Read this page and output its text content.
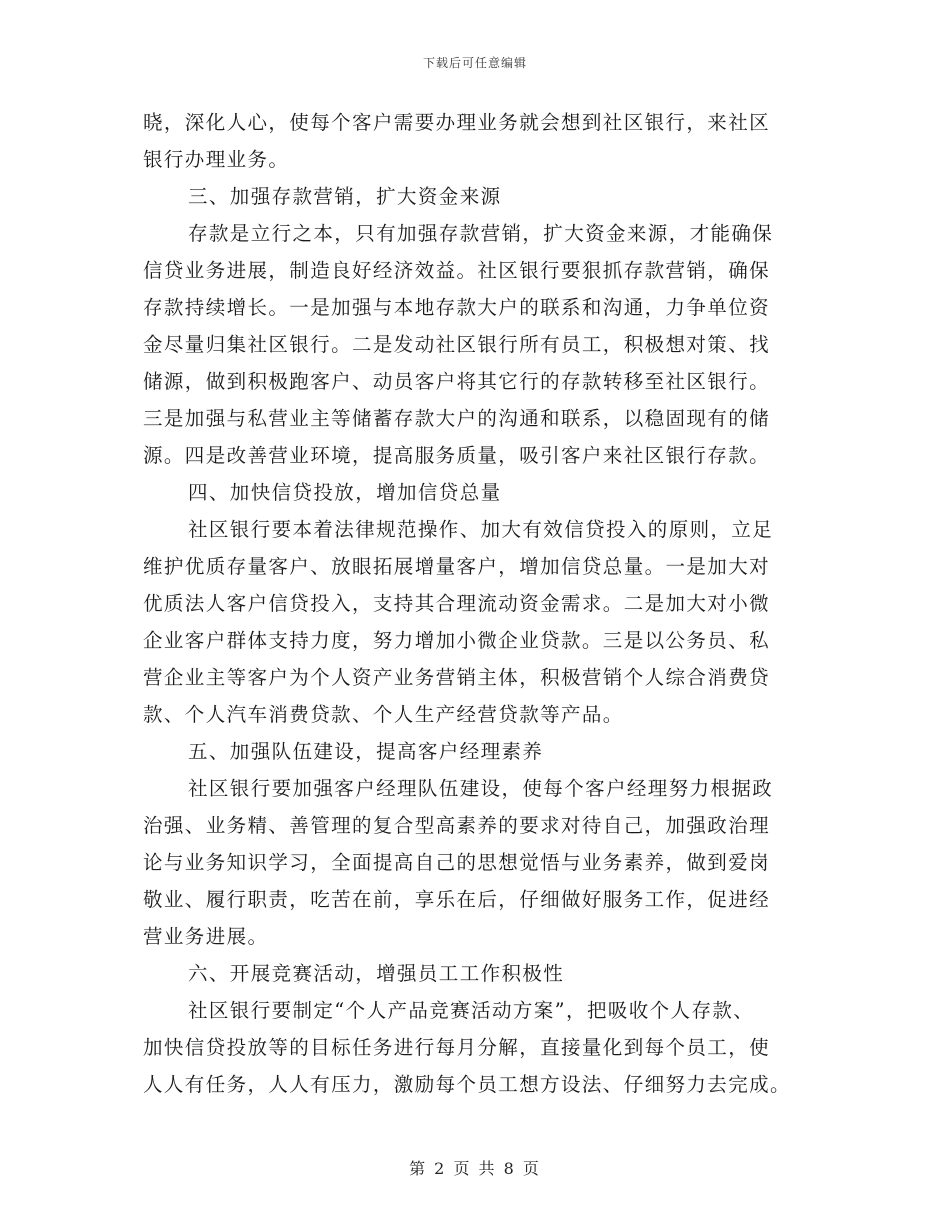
下载后可任意编辑
晓，深化人心，使每个客户需要办理业务就会想到社区银行，来社区
银行办理业务。
三、加强存款营销，扩大资金来源
存款是立行之本，只有加强存款营销，扩大资金来源，才能确保
信贷业务进展，制造良好经济效益。社区银行要狠抓存款营销，确保
存款持续增长。一是加强与本地存款大户的联系和沟通，力争单位资
金尽量归集社区银行。二是发动社区银行所有员工，积极想对策、找
储源，做到积极跑客户、动员客户将其它行的存款转移至社区银行。
三是加强与私营业主等储蓄存款大户的沟通和联系，以稳固现有的储
源。四是改善营业环境，提高服务质量，吸引客户来社区银行存款。
四、加快信贷投放，增加信贷总量
社区银行要本着法律规范操作、加大有效信贷投入的原则，立足
维护优质存量客户、放眼拓展增量客户，增加信贷总量。一是加大对
优质法人客户信贷投入，支持其合理流动资金需求。二是加大对小微
企业客户群体支持力度，努力增加小微企业贷款。三是以公务员、私
营企业主等客户为个人资产业务营销主体，积极营销个人综合消费贷
款、个人汽车消费贷款、个人生产经营贷款等产品。
五、加强队伍建设，提高客户经理素养
社区银行要加强客户经理队伍建设，使每个客户经理努力根据政
治强、业务精、善管理的复合型高素养的要求对待自己，加强政治理
论与业务知识学习，全面提高自己的思想觉悟与业务素养，做到爱岗
敬业、履行职责，吃苦在前，享乐在后，仔细做好服务工作，促进经
营业务进展。
六、开展竞赛活动，增强员工工作积极性
社区银行要制定“个人产品竞赛活动方案”，把吸收个人存款、
加快信贷投放等的目标任务进行每月分解，直接量化到每个员工，使
人人有任务，人人有压力，激励每个员工想方设法、仔细努力去完成。
第 2 页 共 8 页
